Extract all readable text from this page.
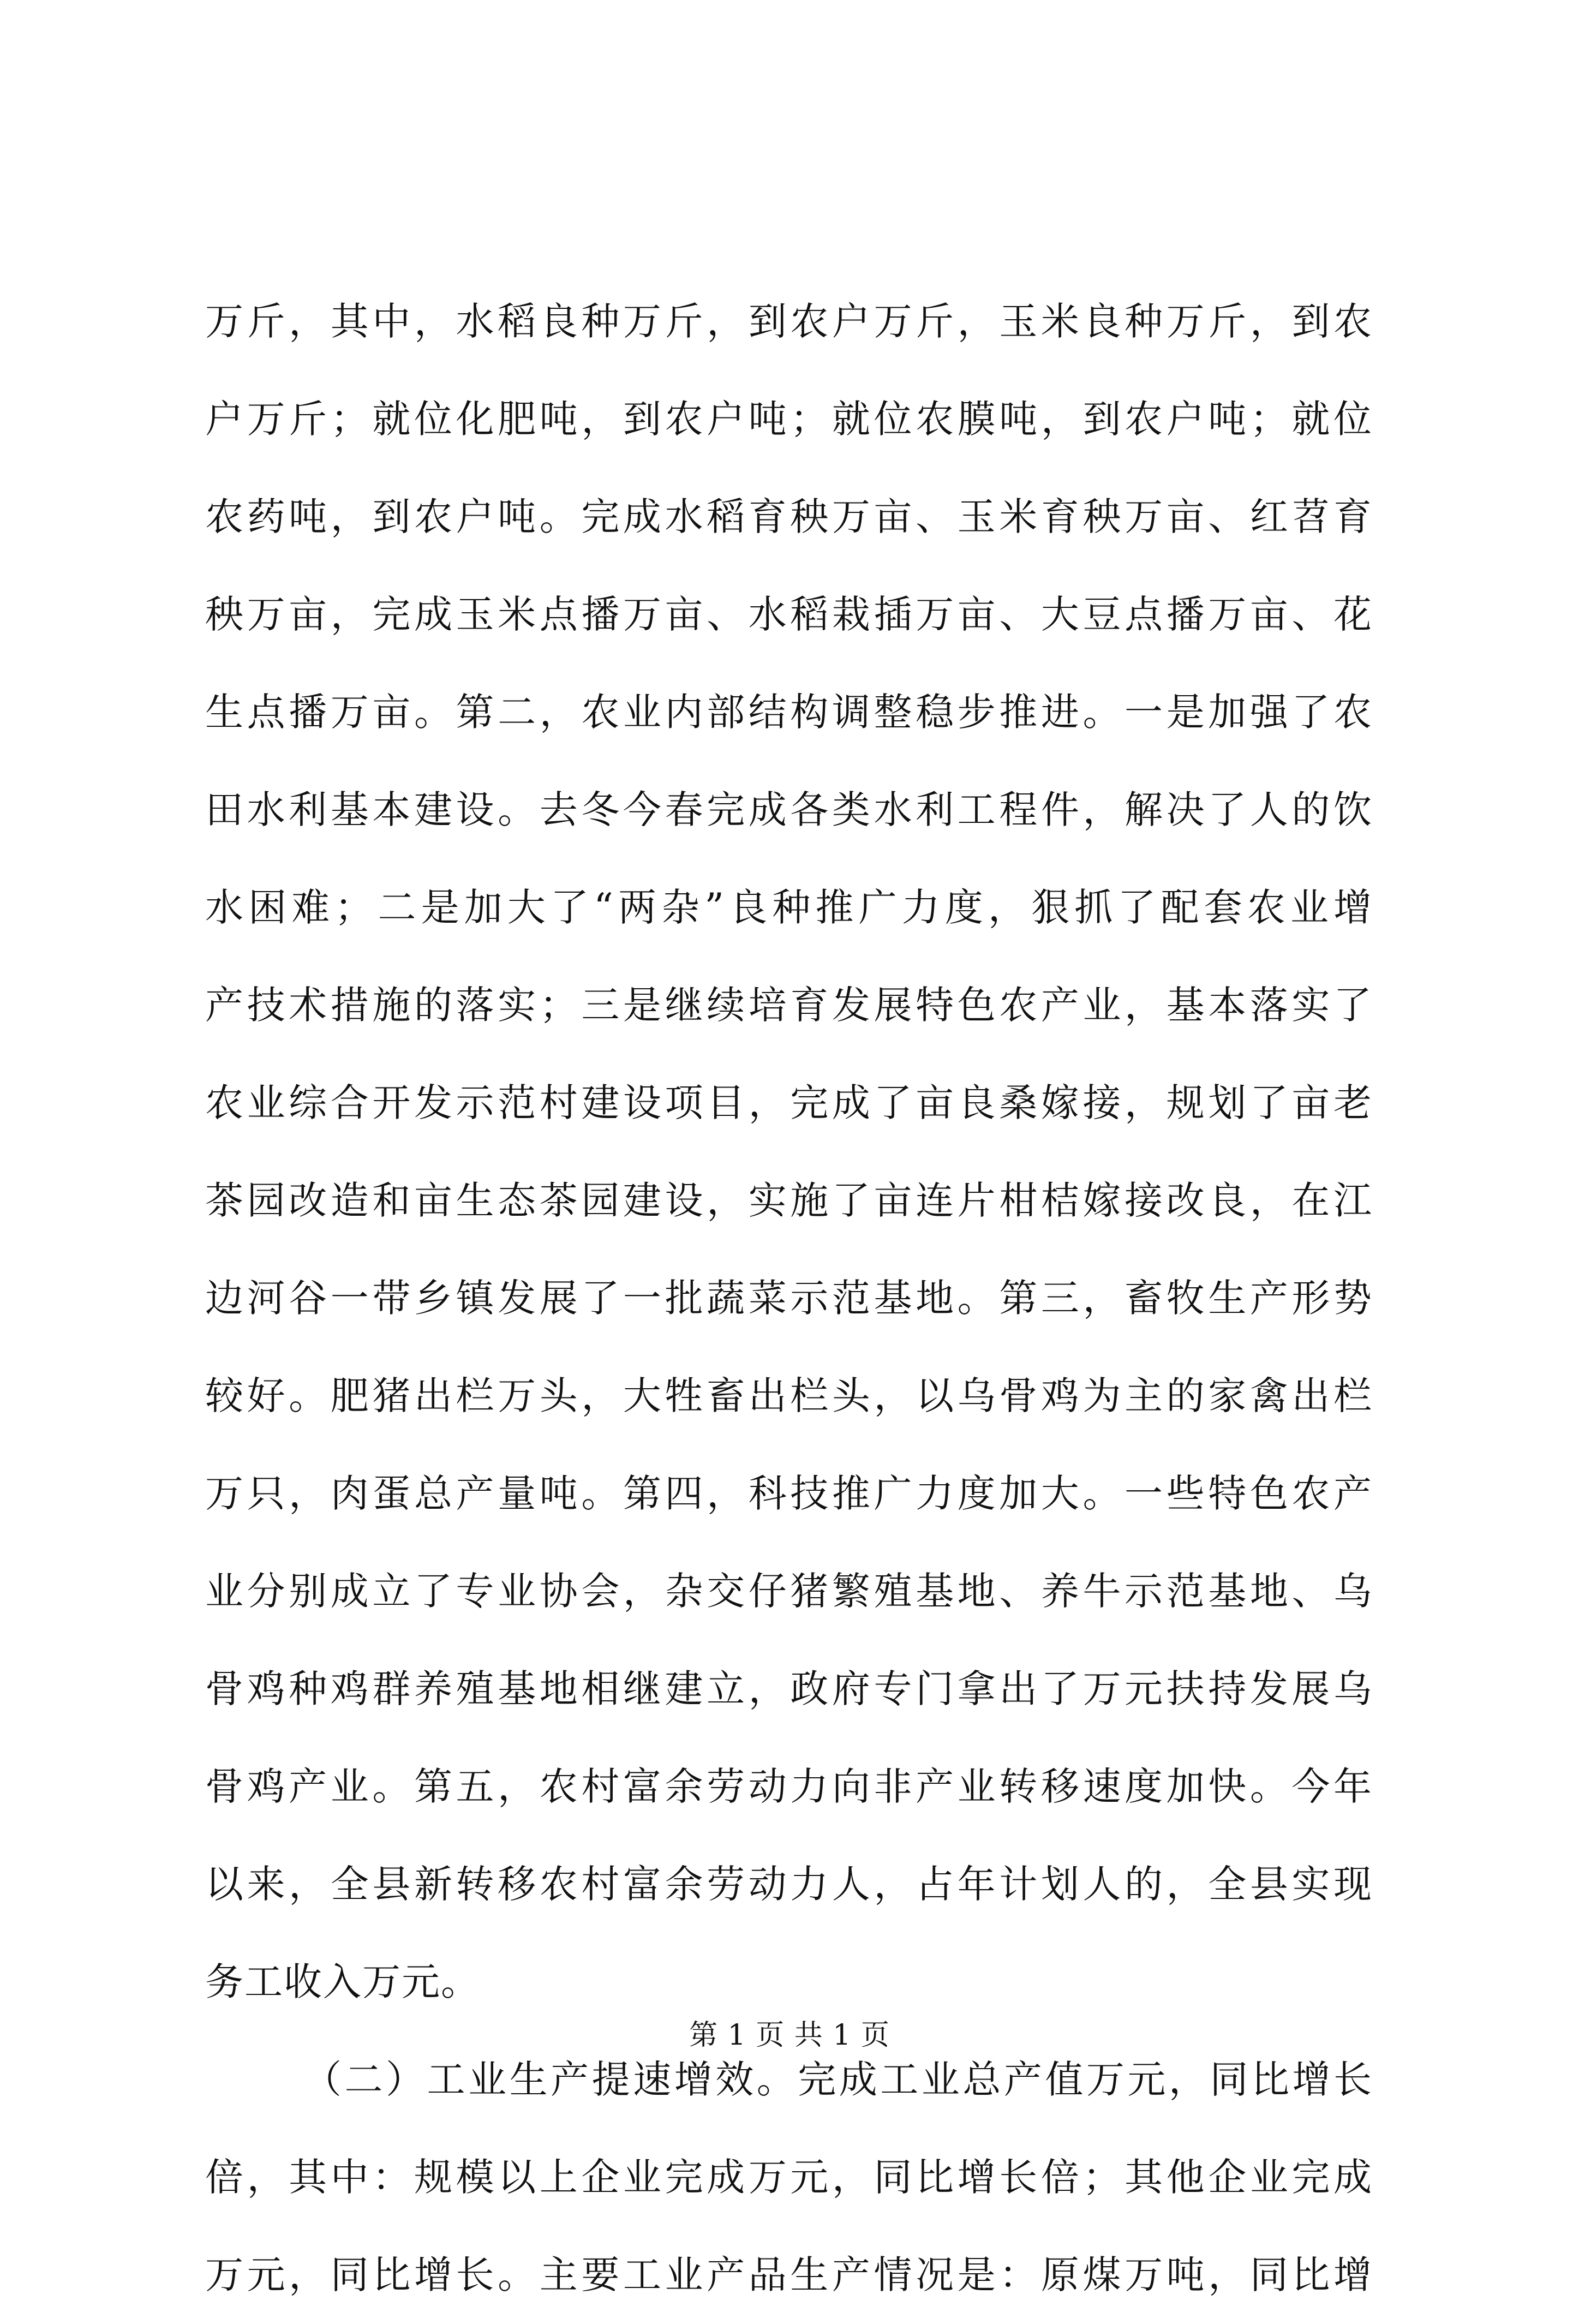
万斤，其中，水稻良种万斤，到农户万斤，玉米良种万斤，到农
户万斤；就位化肥吨，到农户吨；就位农膜吨，到农户吨；就位
农药吨，到农户吨。完成水稻育秧万亩、玉米育秧万亩、红苕育
秧万亩，完成玉米点播万亩、水稻栽插万亩、大豆点播万亩、花
生点播万亩。第二，农业内部结构调整稳步推进。一是加强了农
田水利基本建设。去冬今春完成各类水利工程件，解决了人的饮
水困难；二是加大了“两杂”良种推广力度，狠抓了配套农业增
产技术措施的落实；三是继续培育发展特色农产业，基本落实了
农业综合开发示范村建设项目，完成了亩良桑嫁接，规划了亩老
茶园改造和亩生态茶园建设，实施了亩连片柑桔嫁接改良，在江
边河谷一带乡镇发展了一批蔬菜示范基地。第三，畜牧生产形势
较好。肥猪出栏万头，大牲畜出栏头，以乌骨鸡为主的家禽出栏
万只，肉蛋总产量吨。第四，科技推广力度加大。一些特色农产
业分别成立了专业协会，杂交仔猪繁殖基地、养牛示范基地、乌
骨鸡种鸡群养殖基地相继建立，政府专门拿出了万元扶持发展乌
骨鸡产业。第五，农村富余劳动力向非产业转移速度加快。今年
以来，全县新转移农村富余劳动力人，占年计划人的，全县实现
务工收入万元。
（二）工业生产提速增效。完成工业总产值万元，同比增长
倍，其中：规模以上企业完成万元，同比增长倍；其他企业完成
万元，同比增长。主要工业产品生产情况是：原煤万吨，同比增
第 1 页 共 1 页
